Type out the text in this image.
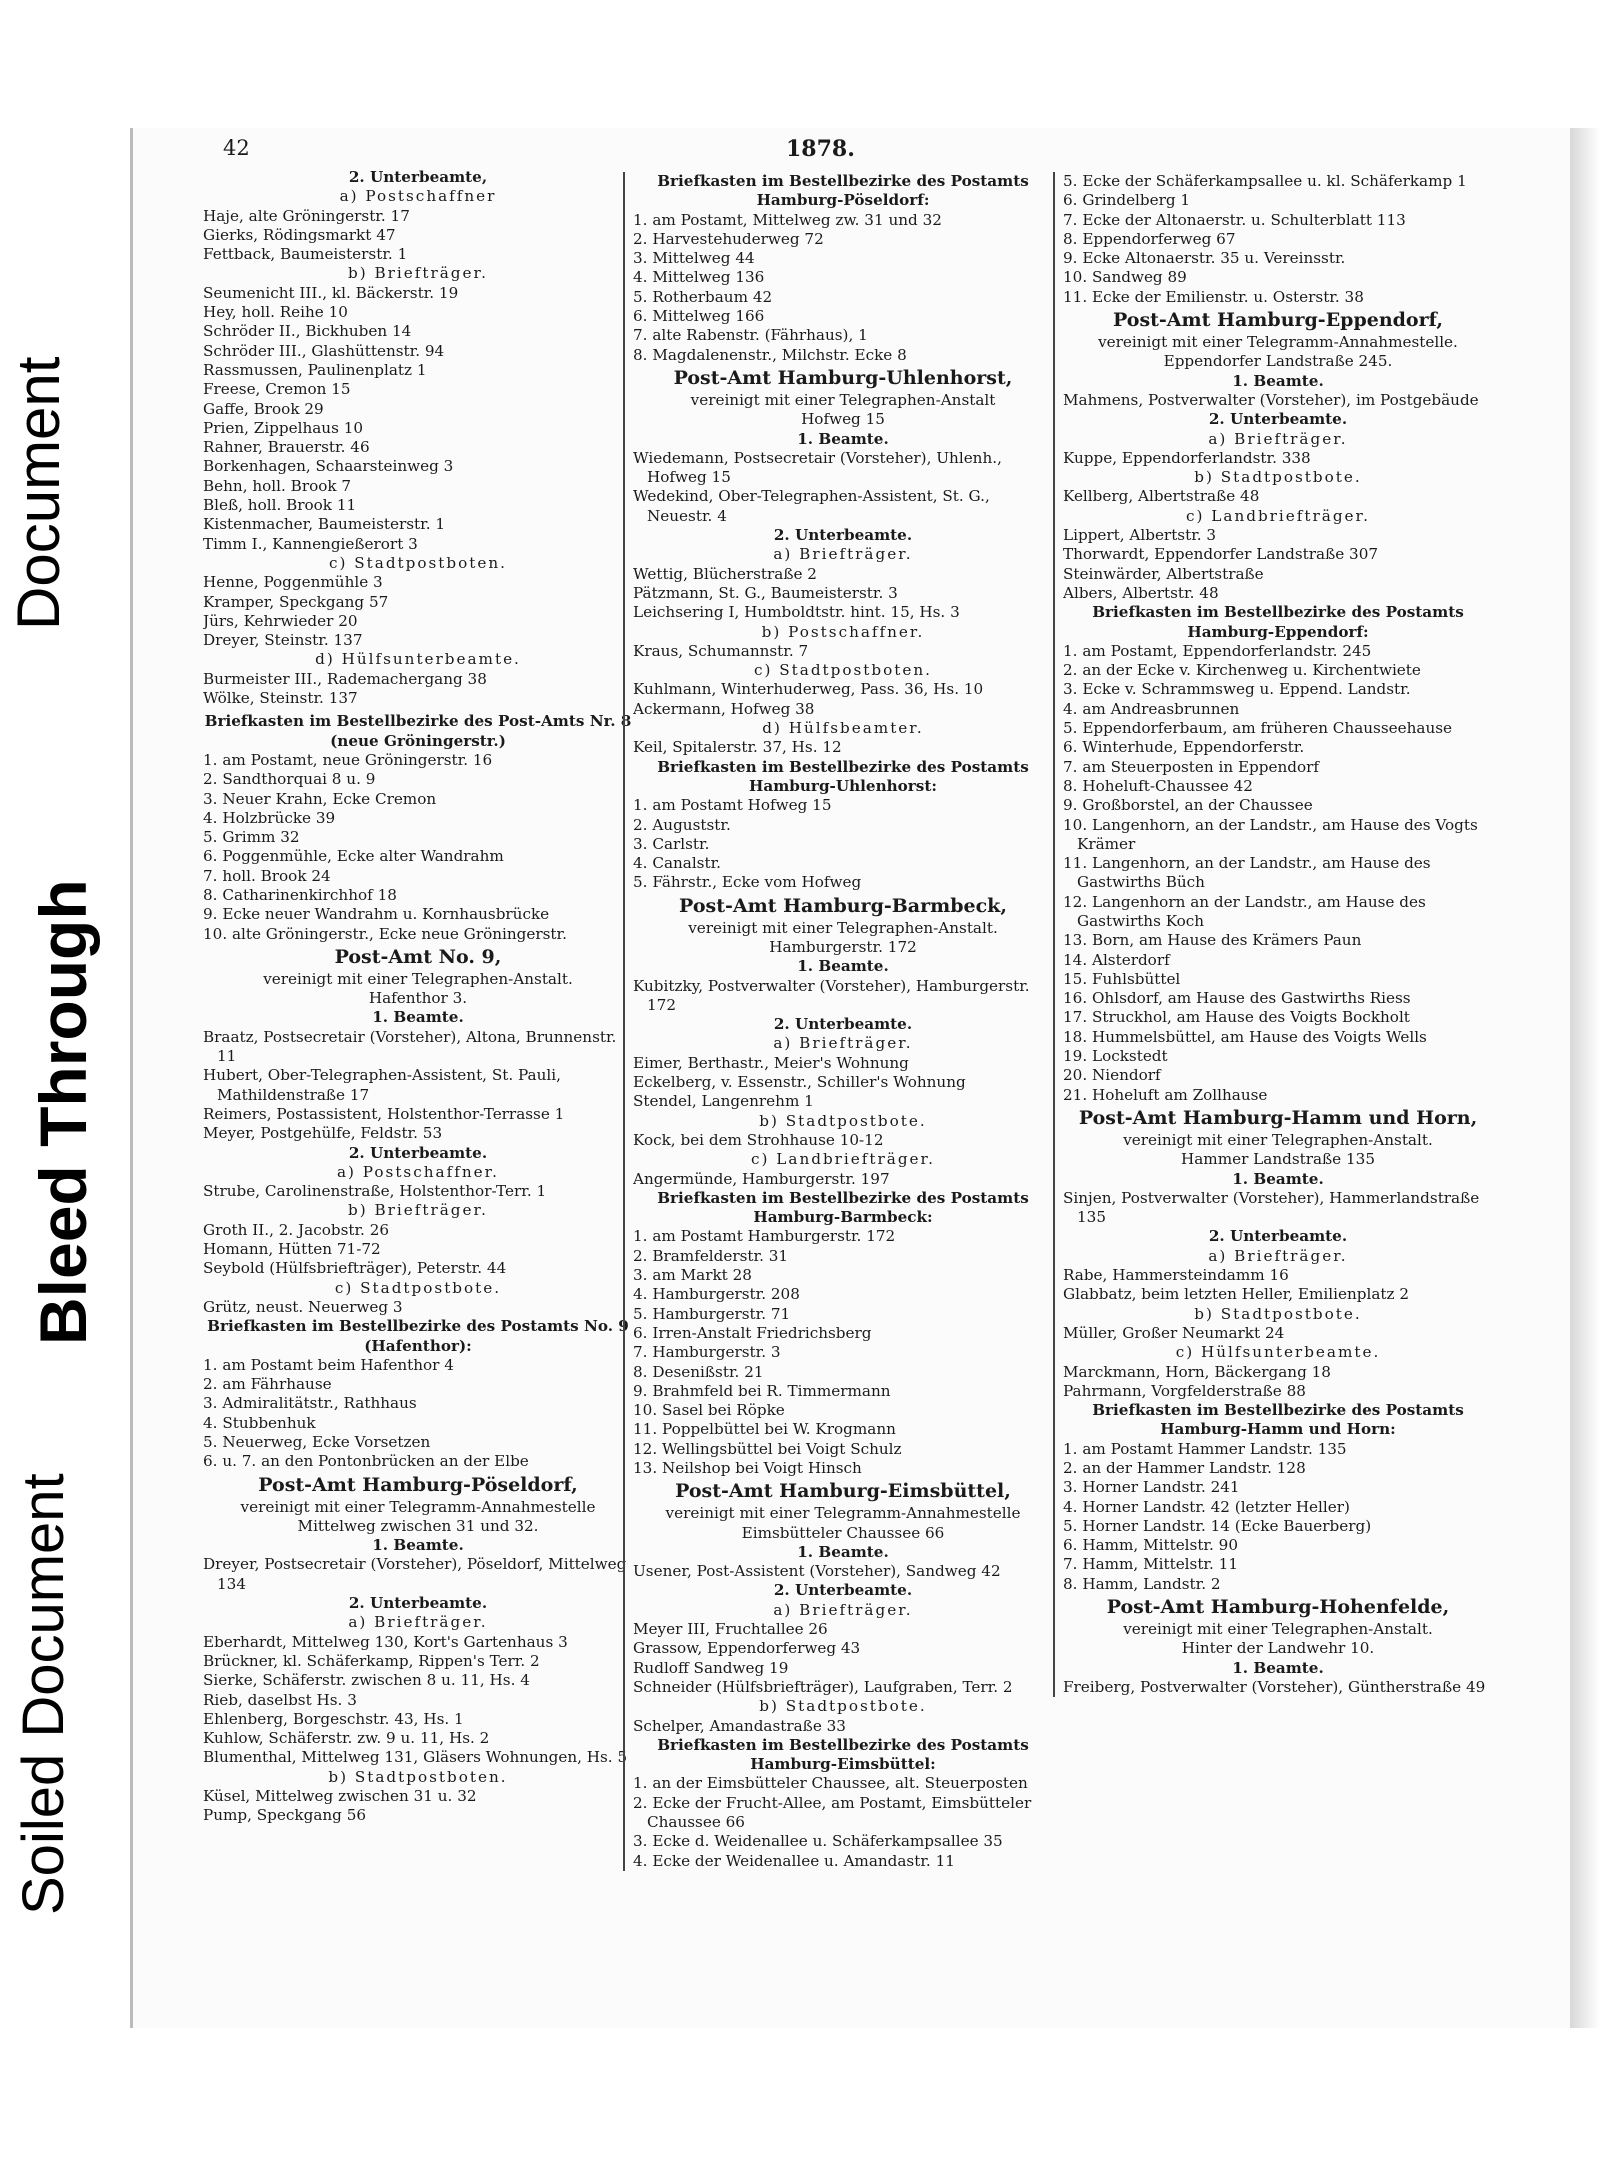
Document
Bleed Through
Soiled Document
42	1878.
2. Unterbeamte,
a) Postschaffner
Haje, alte Gröningerstr. 17
Gierks, Rödingsmarkt 47
Fettback, Baumeisterstr. 1
b) Briefträger.
Seumenicht III., kl. Bäckerstr. 19
Hey, holl. Reihe 10
Schröder II., Bickhuben 14
Schröder III., Glashüttenstr. 94
Rassmussen, Paulinenplatz 1
Freese, Cremon 15
Gaffe, Brook 29
Prien, Zippelhaus 10
Rahner, Brauerstr. 46
Borkenhagen, Schaarsteinweg 3
Behn, holl. Brook 7
Bleß, holl. Brook 11
Kistenmacher, Baumeisterstr. 1
Timm I., Kannengießerort 3
c) Stadtpostboten.
Henne, Poggenmühle 3
Kramper, Speckgang 57
Jürs, Kehrwieder 20
Dreyer, Steinstr. 137
d) Hülfsunterbeamte.
Burmeister III., Rademachergang 38
Wölke, Steinstr. 137
Briefkasten im Bestellbezirke des Post-Amts Nr. 8 (neue Gröningerstr.)
1. am Postamt, neue Gröningerstr. 16
2. Sandthorquai 8 u. 9
3. Neuer Krahn, Ecke Cremon
4. Holzbrücke 39
5. Grimm 32
6. Poggenmühle, Ecke alter Wandrahm
7. holl. Brook 24
8. Catharinenkirchhof 18
9. Ecke neuer Wandrahm u. Kornhausbrücke
10. alte Gröningerstr., Ecke neue Gröningerstr.
Post-Amt No. 9,
vereinigt mit einer Telegraphen-Anstalt.
Hafenthor 3.
1. Beamte.
Braatz, Postsecretair (Vorsteher), Altona, Brunnenstr. 11
Hubert, Ober-Telegraphen-Assistent, St. Pauli, Mathildenstraße 17
Reimers, Postassistent, Holstenthor-Terrasse 1
Meyer, Postgehülfe, Feldstr. 53
2. Unterbeamte.
a) Postschaffner.
Strube, Carolinenstraße, Holstenthor-Terr. 1
b) Briefträger.
Groth II., 2. Jacobstr. 26
Homann, Hütten 71-72
Seybold (Hülfsbriefträger), Peterstr. 44
c) Stadtpostbote.
Grütz, neust. Neuerweg 3
Briefkasten im Bestellbezirke des Postamts No. 9 (Hafenthor):
1. am Postamt beim Hafenthor 4
2. am Fährhause
3. Admiralitätstr., Rathhaus
4. Stubbenhuk
5. Neuerweg, Ecke Vorsetzen
6. u. 7. an den Pontonbrücken an der Elbe
Post-Amt Hamburg-Pöseldorf,
vereinigt mit einer Telegramm-Annahmestelle
Mittelweg zwischen 31 und 32.
1. Beamte.
Dreyer, Postsecretair (Vorsteher), Pöseldorf, Mittelweg 134
2. Unterbeamte.
a) Briefträger.
Eberhardt, Mittelweg 130, Kort's Gartenhaus 3
Brückner, kl. Schäferkamp, Rippen's Terr. 2
Sierke, Schäferstr. zwischen 8 u. 11, Hs. 4
Rieb, daselbst Hs. 3
Ehlenberg, Borgeschstr. 43, Hs. 1
Kuhlow, Schäferstr. zw. 9 u. 11, Hs. 2
Blumenthal, Mittelweg 131, Gläsers Wohnungen, Hs. 5
b) Stadtpostboten.
Küsel, Mittelweg zwischen 31 u. 32
Pump, Speckgang 56
Briefkasten im Bestellbezirke des Postamts Hamburg-Pöseldorf:
1. am Postamt, Mittelweg zw. 31 und 32
2. Harvestehuderweg 72
3. Mittelweg 44
4. Mittelweg 136
5. Rotherbaum 42
6. Mittelweg 166
7. alte Rabenstr. (Fährhaus), 1
8. Magdalenenstr., Milchstr. Ecke 8
Post-Amt Hamburg-Uhlenhorst,
vereinigt mit einer Telegraphen-Anstalt
Hofweg 15
1. Beamte.
Wiedemann, Postsecretair (Vorsteher), Uhlenh., Hofweg 15
Wedekind, Ober-Telegraphen-Assistent, St. G., Neuestr. 4
2. Unterbeamte.
a) Briefträger.
Wettig, Blücherstraße 2
Pätzmann, St. G., Baumeisterstr. 3
Leichsering I, Humboldtstr. hint. 15, Hs. 3
b) Postschaffner.
Kraus, Schumannstr. 7
c) Stadtpostboten.
Kuhlmann, Winterhuderweg, Pass. 36, Hs. 10
Ackermann, Hofweg 38
d) Hülfsbeamter.
Keil, Spitalerstr. 37, Hs. 12
Briefkasten im Bestellbezirke des Postamts Hamburg-Uhlenhorst:
1. am Postamt Hofweg 15
2. Auguststr.
3. Carlstr.
4. Canalstr.
5. Fährstr., Ecke vom Hofweg
Post-Amt Hamburg-Barmbeck,
vereinigt mit einer Telegraphen-Anstalt.
Hamburgerstr. 172
1. Beamte.
Kubitzky, Postverwalter (Vorsteher), Hamburgerstr. 172
2. Unterbeamte.
a) Briefträger.
Eimer, Berthastr., Meier's Wohnung
Eckelberg, v. Essenstr., Schiller's Wohnung
Stendel, Langenrehm 1
b) Stadtpostbote.
Kock, bei dem Strohhause 10-12
c) Landbriefträger.
Angermünde, Hamburgerstr. 197
Briefkasten im Bestellbezirke des Postamts Hamburg-Barmbeck:
1. am Postamt Hamburgerstr. 172
2. Bramfelderstr. 31
3. am Markt 28
4. Hamburgerstr. 208
5. Hamburgerstr. 71
6. Irren-Anstalt Friedrichsberg
7. Hamburgerstr. 3
8. Desenißstr. 21
9. Brahmfeld bei R. Timmermann
10. Sasel bei Röpke
11. Poppelbüttel bei W. Krogmann
12. Wellingsbüttel bei Voigt Schulz
13. Neilshop bei Voigt Hinsch
Post-Amt Hamburg-Eimsbüttel,
vereinigt mit einer Telegramm-Annahmestelle
Eimsbütteler Chaussee 66
1. Beamte.
Usener, Post-Assistent (Vorsteher), Sandweg 42
2. Unterbeamte.
a) Briefträger.
Meyer III, Fruchtallee 26
Grassow, Eppendorferweg 43
Rudloff Sandweg 19
Schneider (Hülfsbriefträger), Laufgraben, Terr. 2
b) Stadtpostbote.
Schelper, Amandastraße 33
Briefkasten im Bestellbezirke des Postamts Hamburg-Eimsbüttel:
1. an der Eimsbütteler Chaussee, alt. Steuerposten
2. Ecke der Frucht-Allee, am Postamt, Eimsbütteler Chaussee 66
3. Ecke d. Weidenallee u. Schäferkampsallee 35
4. Ecke der Weidenallee u. Amandastr. 11
5. Ecke der Schäferkampsallee u. kl. Schäferkamp 1
6. Grindelberg 1
7. Ecke der Altonaerstr. u. Schulterblatt 113
8. Eppendorferweg 67
9. Ecke Altonaerstr. 35 u. Vereinsstr.
10. Sandweg 89
11. Ecke der Emilienstr. u. Osterstr. 38
Post-Amt Hamburg-Eppendorf,
vereinigt mit einer Telegramm-Annahmestelle.
Eppendorfer Landstraße 245.
1. Beamte.
Mahmens, Postverwalter (Vorsteher), im Postgebäude
2. Unterbeamte.
a) Briefträger.
Kuppe, Eppendorferlandstr. 338
b) Stadtpostbote.
Kellberg, Albertstraße 48
c) Landbriefträger.
Lippert, Albertstr. 3
Thorwardt, Eppendorfer Landstraße 307
Steinwärder, Albertstraße
Albers, Albertstr. 48
Briefkasten im Bestellbezirke des Postamts Hamburg-Eppendorf:
1. am Postamt, Eppendorferlandstr. 245
2. an der Ecke v. Kirchenweg u. Kirchentwiete
3. Ecke v. Schrammsweg u. Eppend. Landstr.
4. am Andreasbrunnen
5. Eppendorferbaum, am früheren Chausseehause
6. Winterhude, Eppendorferstr.
7. am Steuerposten in Eppendorf
8. Hoheluft-Chaussee 42
9. Großborstel, an der Chaussee
10. Langenhorn, an der Landstr., am Hause des Vogts Krämer
11. Langenhorn, an der Landstr., am Hause des Gastwirths Büch
12. Langenhorn an der Landstr., am Hause des Gastwirths Koch
13. Born, am Hause des Krämers Paun
14. Alsterdorf
15. Fuhlsbüttel
16. Ohlsdorf, am Hause des Gastwirths Riess
17. Struckhol, am Hause des Voigts Bockholt
18. Hummelsbüttel, am Hause des Voigts Wells
19. Lockstedt
20. Niendorf
21. Hoheluft am Zollhause
Post-Amt Hamburg-Hamm und Horn,
vereinigt mit einer Telegraphen-Anstalt.
Hammer Landstraße 135
1. Beamte.
Sinjen, Postverwalter (Vorsteher), Hammerlandstraße 135
2. Unterbeamte.
a) Briefträger.
Rabe, Hammersteindamm 16
Glabbatz, beim letzten Heller, Emilienplatz 2
b) Stadtpostbote.
Müller, Großer Neumarkt 24
c) Hülfsunterbeamte.
Marckmann, Horn, Bäckergang 18
Pahrmann, Vorgfelderstraße 88
Briefkasten im Bestellbezirke des Postamts Hamburg-Hamm und Horn:
1. am Postamt Hammer Landstr. 135
2. an der Hammer Landstr. 128
3. Horner Landstr. 241
4. Horner Landstr. 42 (letzter Heller)
5. Horner Landstr. 14 (Ecke Bauerberg)
6. Hamm, Mittelstr. 90
7. Hamm, Mittelstr. 11
8. Hamm, Landstr. 2
Post-Amt Hamburg-Hohenfelde,
vereinigt mit einer Telegraphen-Anstalt.
Hinter der Landwehr 10.
1. Beamte.
Freiberg, Postverwalter (Vorsteher), Güntherstraße 49
